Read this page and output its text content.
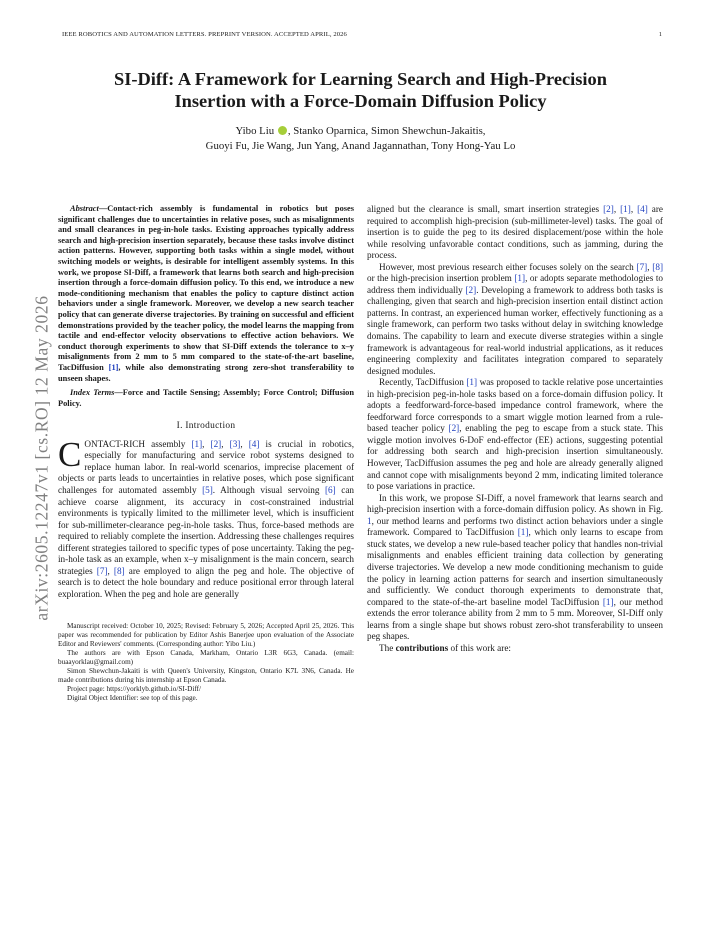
IEEE ROBOTICS AND AUTOMATION LETTERS. PREPRINT VERSION. ACCEPTED APRIL, 2026	1
arXiv:2605.12247v1 [cs.RO] 12 May 2026
SI-Diff: A Framework for Learning Search and High-Precision
Insertion with a Force-Domain Diffusion Policy
Yibo Liu , Stanko Oparnica, Simon Shewchun-Jakaitis,
Guoyi Fu, Jie Wang, Jun Yang, Anand Jagannathan, Tony Hong-Yau Lo

Abstract—Contact-rich assembly is fundamental in robotics but poses significant challenges due to uncertainties in relative poses, such as misalignments and small clearances in peg-in-hole tasks. Existing approaches typically address search and high-precision insertion separately, because these tasks involve distinct action patterns. However, supporting both tasks within a single model, without switching models or weights, is desirable for intelligent assembly systems. In this work, we propose SI-Diff, a framework that learns both search and high-precision insertion through a force-domain diffusion policy. To this end, we introduce a new mode-conditioning mechanism that enables the policy to capture distinct action behaviors under a single framework. Moreover, we develop a new search teacher policy that can generate diverse trajectories. By training on successful and efficient demonstrations provided by the teacher policy, the model learns the mapping from tactile and end-effector velocity observations to effective action behaviors. We conduct thorough experiments to show that SI-Diff extends the tolerance to x–y misalignments from 2 mm to 5 mm compared to the state-of-the-art baseline, TacDiffusion [1], while also demonstrating strong zero-shot transferability to unseen shapes.

Index Terms—Force and Tactile Sensing; Assembly; Force Control; Diffusion Policy.

I. Introduction

CONTACT-RICH assembly [1], [2], [3], [4] is crucial in robotics, especially for manufacturing and service robot systems designed to replace human labor. In real-world scenarios, imprecise placement of objects or parts leads to uncertainties in relative poses, which pose significant challenges for automated assembly [5]. Although visual servoing [6] can achieve coarse alignment, its accuracy in cost-constrained industrial environments is typically limited to the millimeter level, which is insufficient for sub-millimeter-clearance peg-in-hole tasks. Thus, force-based methods are required to reliably complete the insertion. Addressing these challenges requires different strategies tailored to specific types of pose uncertainty. Taking the peg-in-hole task as an example, when x–y misalignment is the main concern, search strategies [7], [8] are employed to align the peg and hole. The objective of search is to detect the hole boundary and reduce positional error through lateral exploration. When the peg and hole are generally

Manuscript received: October 10, 2025; Revised: February 5, 2026; Accepted April 25, 2026. This paper was recommended for publication by Editor Ashis Banerjee upon evaluation of the Associate Editor and Reviewers' comments. (Corresponding author: Yibo Liu.)

The authors are with Epson Canada, Markham, Ontario L3R 6G3, Canada. (email: buaayorklau@gmail.com)

Simon Shewchun-Jakaiti is with Queen's University, Kingston, Ontario K7L 3N6, Canada. He made contributions during his internship at Epson Canada.

Project page: https://yorklyb.github.io/SI-Diff/

Digital Object Identifier: see top of this page.

aligned but the clearance is small, smart insertion strategies [2], [1], [4] are required to accomplish high-precision (sub-millimeter-level) tasks. The goal of insertion is to guide the peg to its desired displacement/pose within the hole while resolving unfavorable contact conditions, such as jamming, during the process.

However, most previous research either focuses solely on the search [7], [8] or the high-precision insertion problem [1], or adopts separate methodologies to address them individually [2]. Developing a framework to address both tasks is challenging, given that search and high-precision insertion entail distinct action patterns. In contrast, an experienced human worker, effectively functioning as a single framework, can perform two tasks without delay in switching knowledge domains. The capability to learn and execute diverse strategies within a single framework is advantageous for real-world industrial applications, as it reduces engineering complexity and facilitates integration compared to separately designed modules.

Recently, TacDiffusion [1] was proposed to tackle relative pose uncertainties in high-precision peg-in-hole tasks based on a force-domain diffusion policy. It adopts a feedforward-force-based impedance control framework, where the feedforward force corresponds to a smart wiggle motion learned from a rule-based teacher policy [2], enabling the peg to escape from a stuck state. This wiggle motion involves 6-DoF end-effector (EE) actions, suggesting potential for addressing both search and high-precision insertion simultaneously. However, TacDiffusion assumes the peg and hole are already generally aligned and cannot cope with misalignments beyond 2 mm, indicating limited tolerance to pose variations in practice.

In this work, we propose SI-Diff, a novel framework that learns search and high-precision insertion with a force-domain diffusion policy. As shown in Fig. 1, our method learns and performs two distinct action behaviors under a single framework. Compared to TacDiffusion [1], which only learns to escape from stuck states, we develop a new rule-based teacher policy that handles non-trivial misalignments and enables efficient training data collection by generating diverse trajectories. We develop a new mode conditioning mechanism to guide the policy in learning action patterns for search and insertion simultaneously and sufficiently. We conduct thorough experiments to demonstrate that, compared to the state-of-the-art baseline model TacDiffusion [1], our method extends the error tolerance ability from 2 mm to 5 mm. Moreover, SI-Diff only learns from a single shape but shows robust zero-shot transferability to unseen peg shapes.

The contributions of this work are:
